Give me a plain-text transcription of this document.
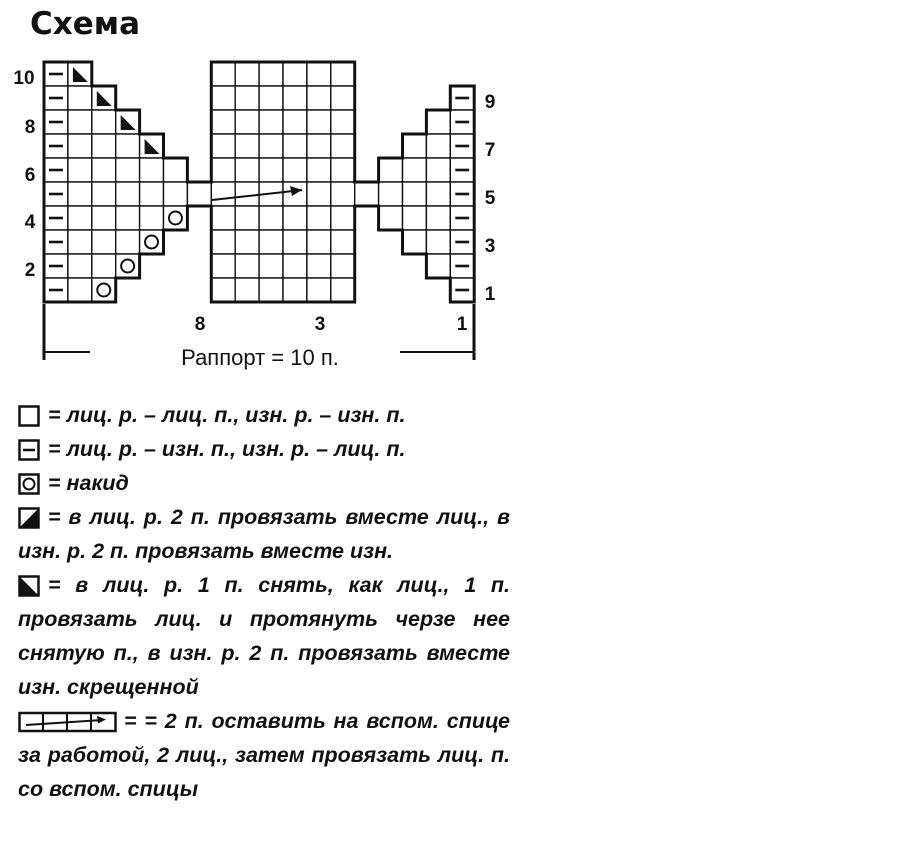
Схема
10
8
6
4
2
9
7
5
3
1
8	3	1
Раппорт = 10 п.
= лиц. р. – лиц. п., изн. р. – изн. п.
= лиц. р. – изн. п., изн. р. – лиц. п.
= накид
= в лиц. р. 2 п. провязать вместе лиц., в изн. р. 2 п. провязать вместе изн.
= в лиц. р. 1 п. снять, как лиц., 1 п. провязать лиц. и протянуть черзе нее снятую п., в изн. р. 2 п. провязать вместе изн. скрещенной
= = 2 п. оставить на вспом. спице за работой, 2 лиц., затем провязать лиц. п. со вспом. спицы
